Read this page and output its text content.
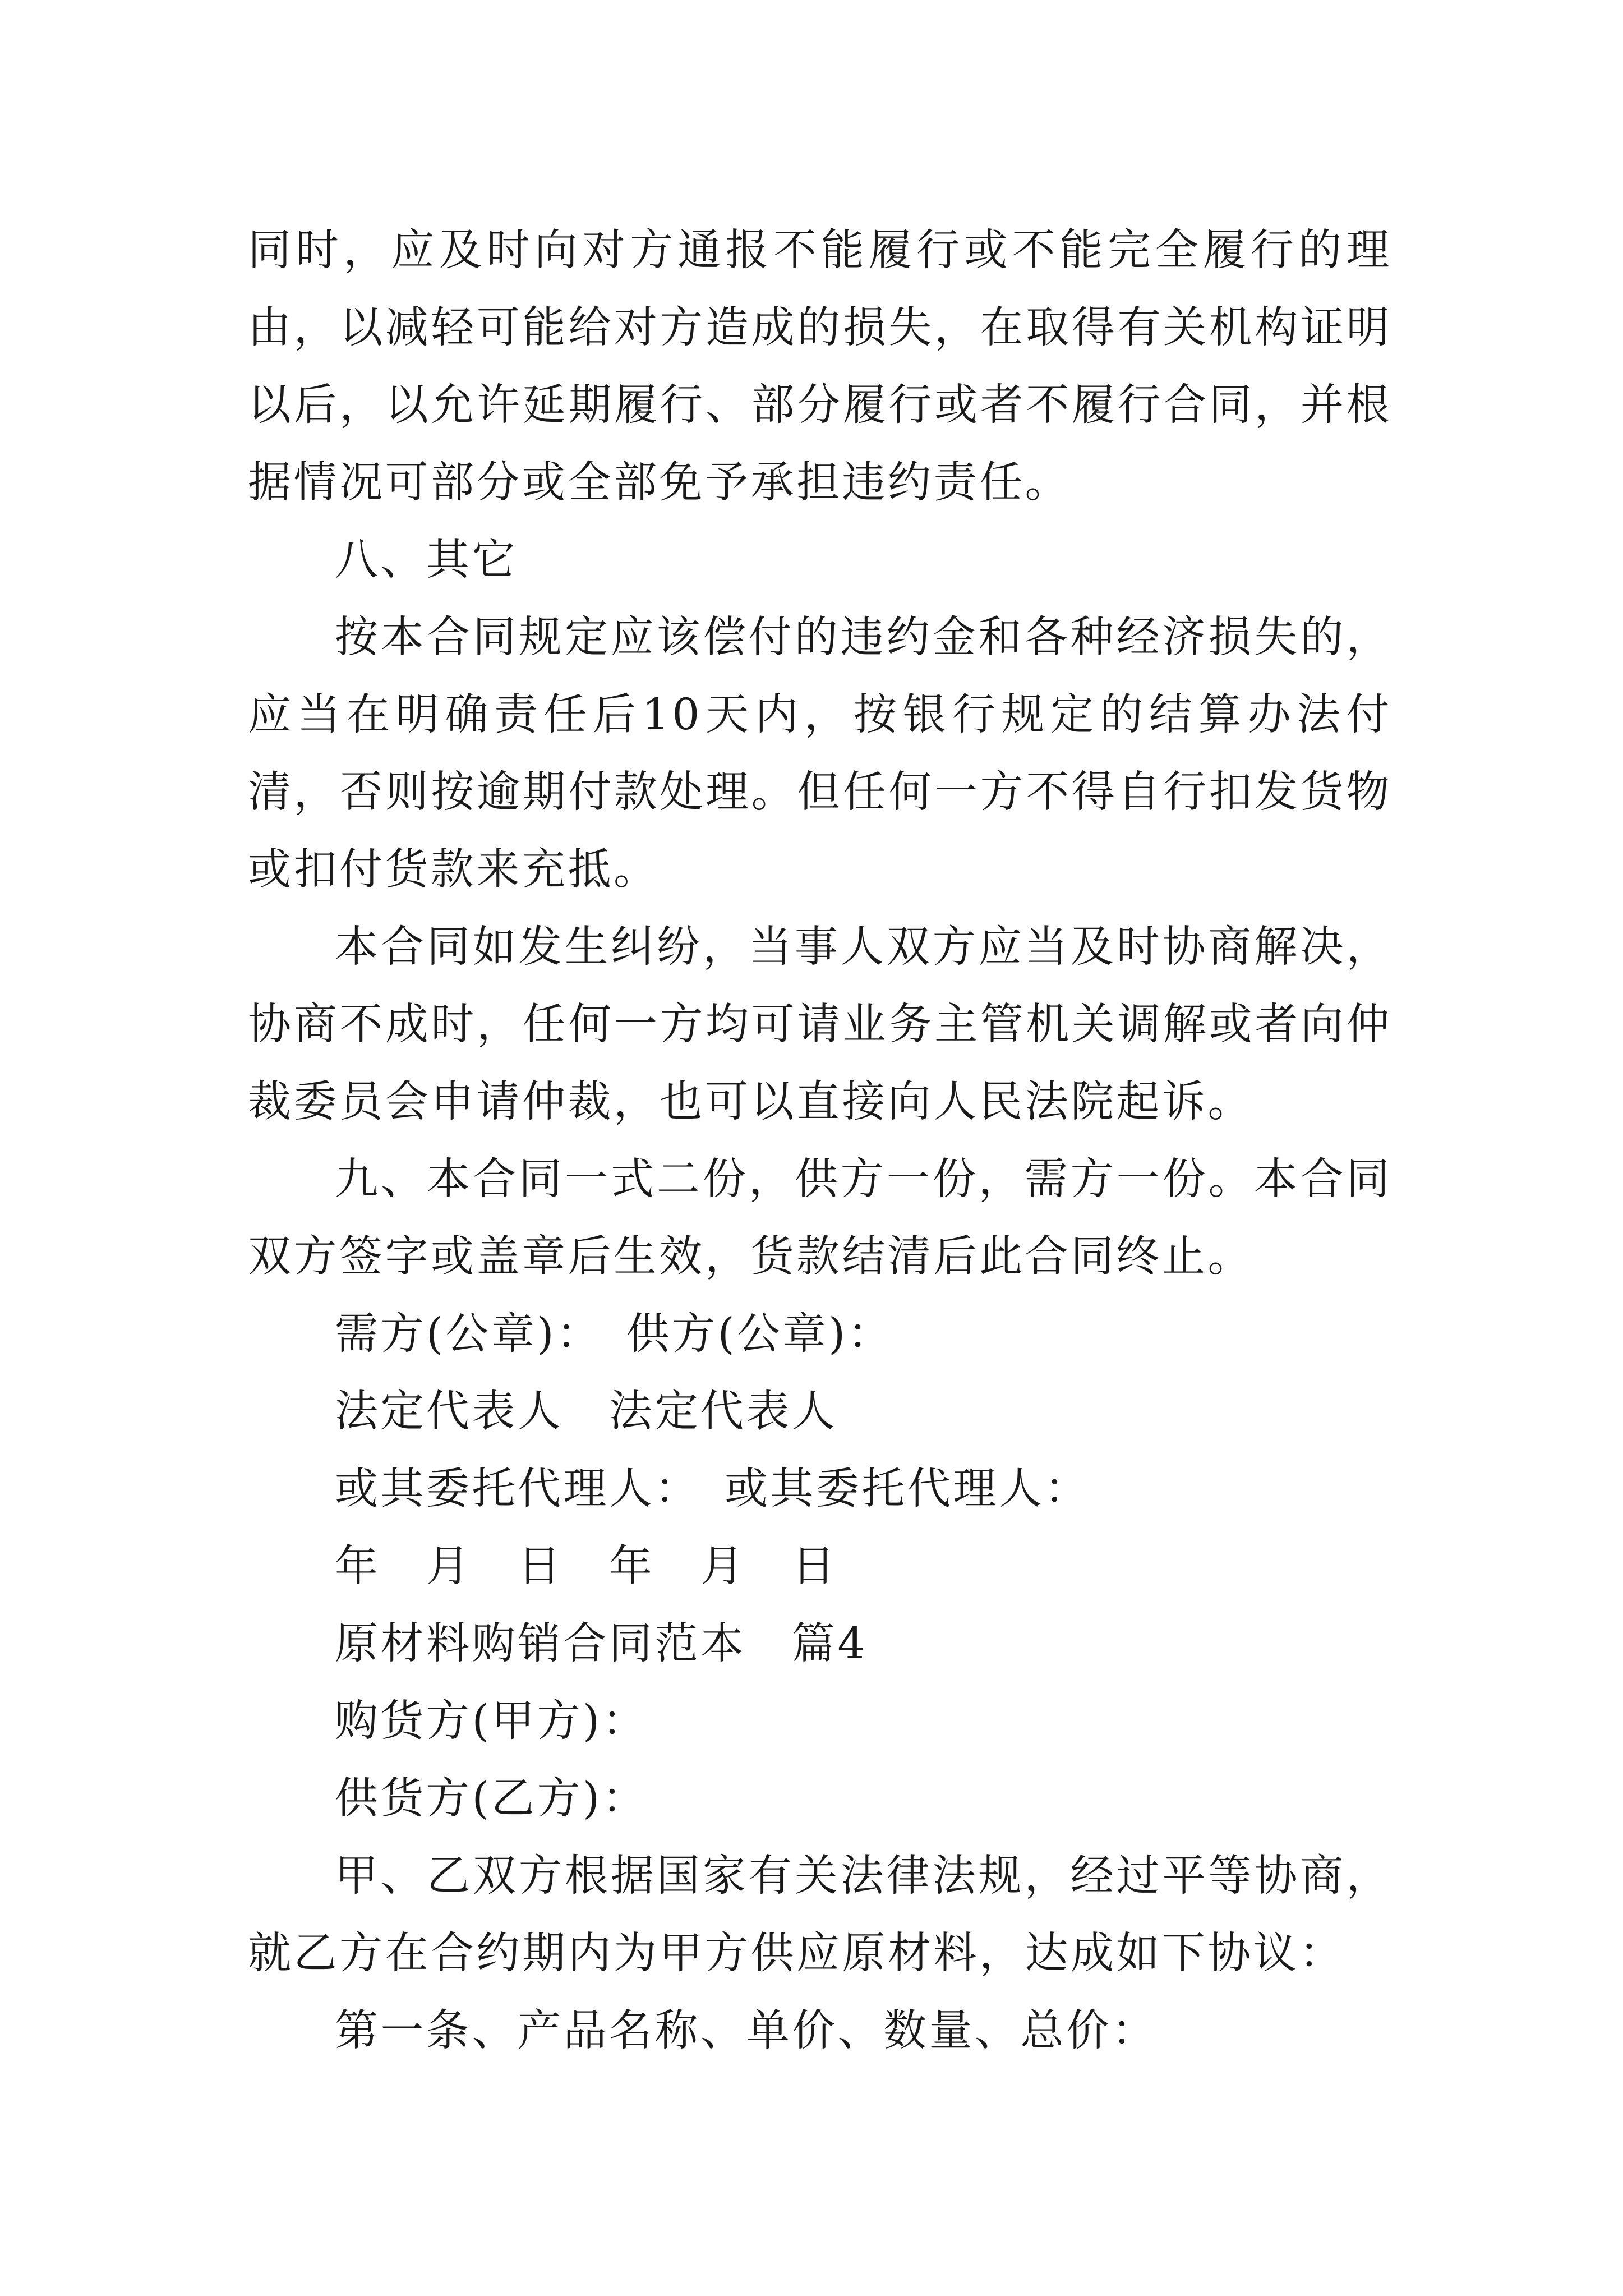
同时，应及时向对方通报不能履行或不能完全履行的理由，以减轻可能给对方造成的损失，在取得有关机构证明以后，以允许延期履行、部分履行或者不履行合同，并根据情况可部分或全部免予承担违约责任。

八、其它

按本合同规定应该偿付的违约金和各种经济损失的，应当在明确责任后10天内，按银行规定的结算办法付清，否则按逾期付款处理。但任何一方不得自行扣发货物或扣付货款来充抵。

本合同如发生纠纷，当事人双方应当及时协商解决，协商不成时，任何一方均可请业务主管机关调解或者向仲裁委员会申请仲裁，也可以直接向人民法院起诉。

九、本合同一式二份，供方一份，需方一份。本合同双方签字或盖章后生效，货款结清后此合同终止。

需方(公章)：　供方(公章)：

法定代表人　法定代表人

或其委托代理人：　或其委托代理人：

年　月　日　年　月　日

原材料购销合同范本　篇4

购货方(甲方)：

供货方(乙方)：

甲、乙双方根据国家有关法律法规，经过平等协商，就乙方在合约期内为甲方供应原材料，达成如下协议：

第一条、产品名称、单价、数量、总价：
